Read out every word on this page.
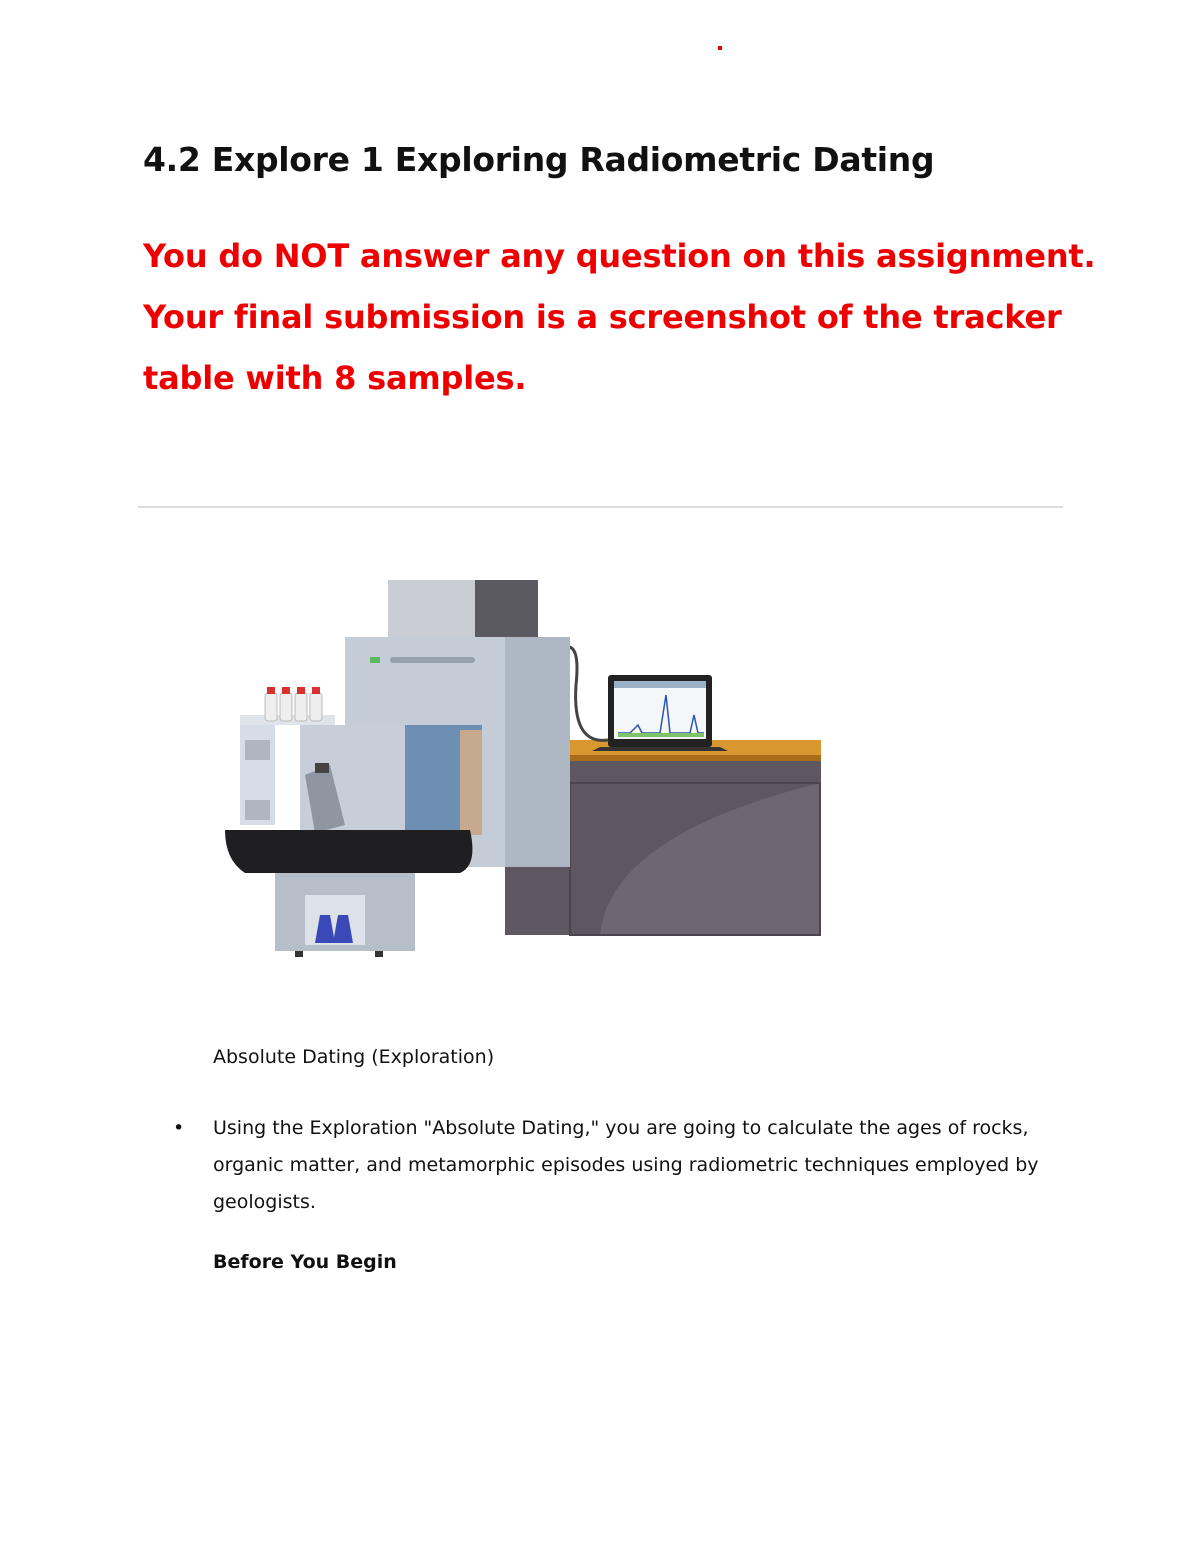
4.2 Explore 1 Exploring Radiometric Dating

You do NOT answer any question on this assignment. Your final submission is a screenshot of the tracker table with 8 samples.

Absolute Dating (Exploration)

• Using the Exploration "Absolute Dating," you are going to calculate the ages of rocks, organic matter, and metamorphic episodes using radiometric techniques employed by geologists.

Before You Begin
